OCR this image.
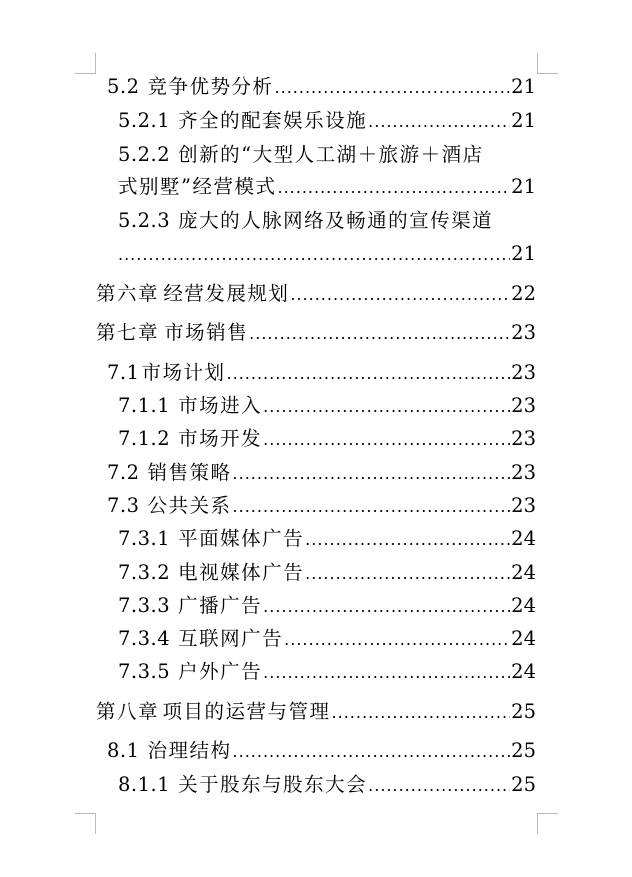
5.2 竞争优势分析 .....	21
5.2.1 齐全的配套娱乐设施 .....	21
5.2.2 创新的“大型人工湖＋旅游＋酒店
式别墅”经营模式 .....	21
5.2.3 庞大的人脉网络及畅通的宣传渠道
.....
21
第六章 经营发展规划 .....	22
第七章 市场销售 .....	23
7.1 市场计划 .....	23
7.1.1 市场进入 .....	23
7.1.2 市场开发 .....	23
7.2 销售策略 .....	23
7.3 公共关系 .....	23
7.3.1 平面媒体广告 .....	24
7.3.2 电视媒体广告 .....	24
7.3.3 广播广告 .....	24
7.3.4 互联网广告 .....	24
7.3.5 户外广告 .....	24
第八章 项目的运营与管理 .....	25
8.1 治理结构 .....	25
8.1.1 关于股东与股东大会 .....	25
